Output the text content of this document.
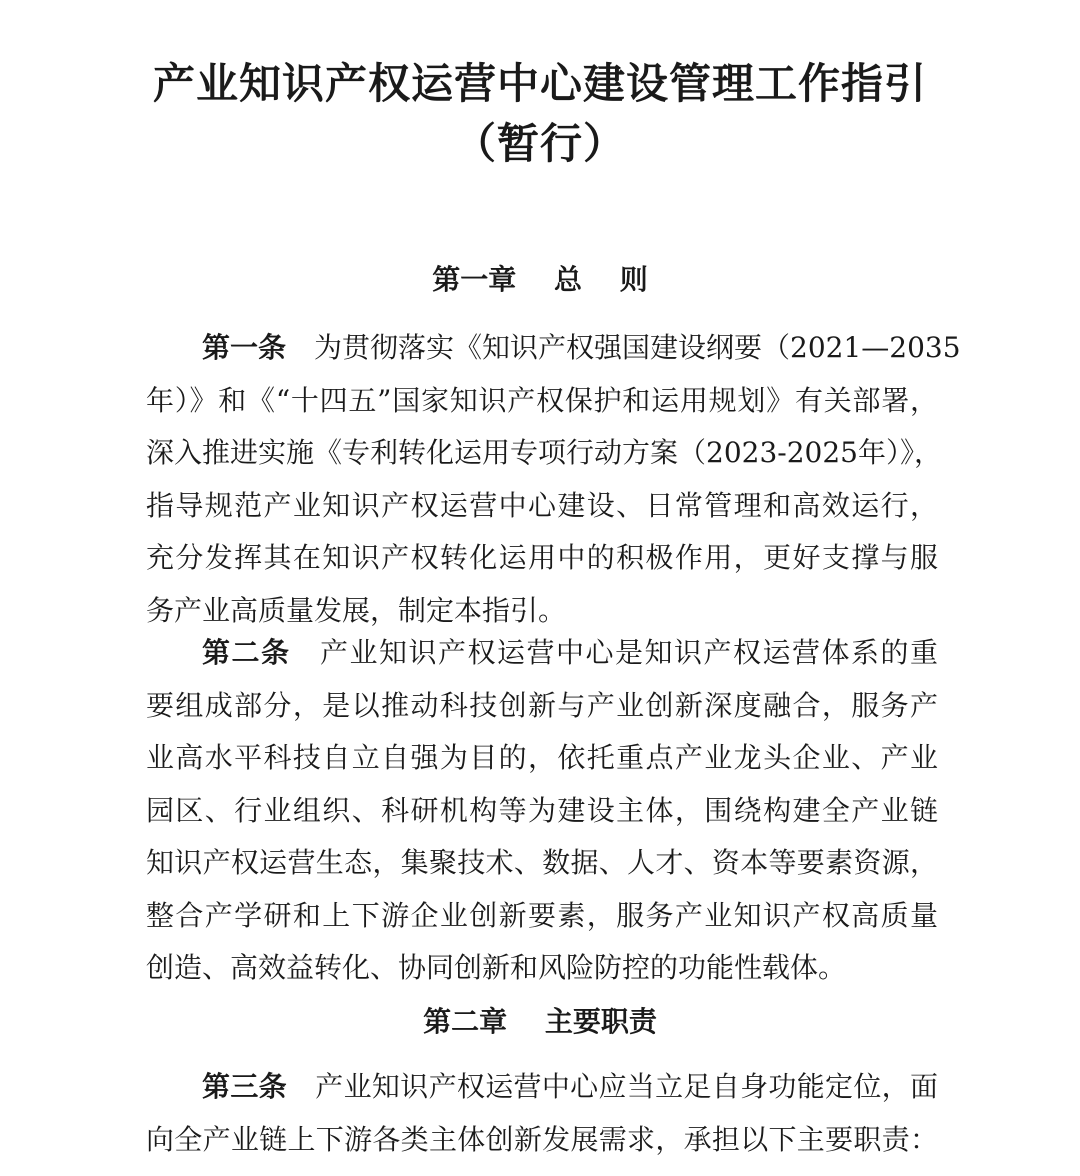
产业知识产权运营中心建设管理工作指引
（暂行）
第一章　 总　 则
第一条　 为贯彻落实《知识产权强国建设纲要（2021—2035
年）》和《“十四五”国家知识产权保护和运用规划》有关部署，
深入推进实施《专利转化运用专项行动方案（2023-2025年）》，
指导规范产业知识产权运营中心建设、日常管理和高效运行，
充分发挥其在知识产权转化运用中的积极作用，更好支撑与服
务产业高质量发展，制定本指引。
第二条　 产业知识产权运营中心是知识产权运营体系的重
要组成部分，是以推动科技创新与产业创新深度融合，服务产
业高水平科技自立自强为目的，依托重点产业龙头企业、产业
园区、行业组织、科研机构等为建设主体，围绕构建全产业链
知识产权运营生态，集聚技术、数据、人才、资本等要素资源，
整合产学研和上下游企业创新要素，服务产业知识产权高质量
创造、高效益转化、协同创新和风险防控的功能性载体。
第二章　 主要职责
第三条　 产业知识产权运营中心应当立足自身功能定位，面
向全产业链上下游各类主体创新发展需求，承担以下主要职责：
